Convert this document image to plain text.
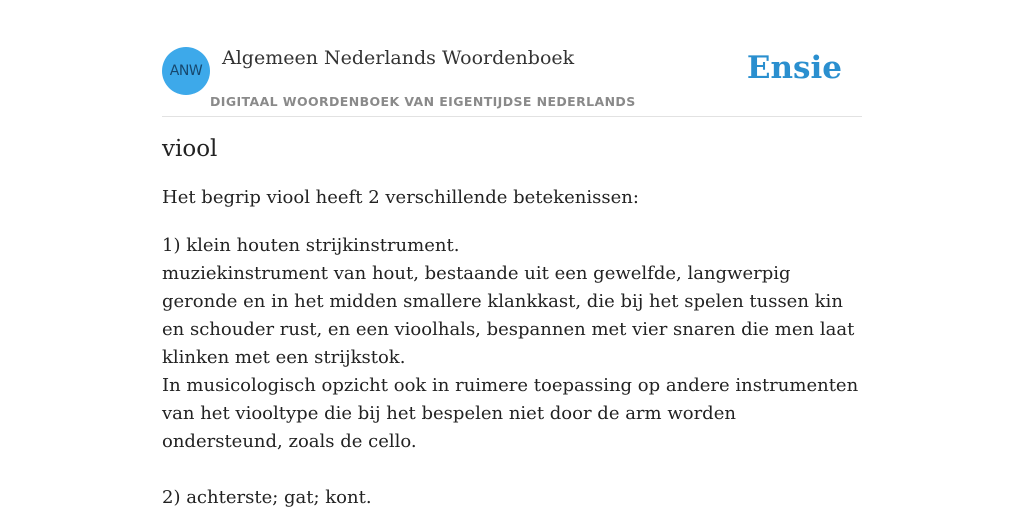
ANW
Algemeen Nederlands Woordenboek
DIGITAAL WOORDENBOEK VAN EIGENTIJDSE NEDERLANDS
Ensie
viool

Het begrip viool heeft 2 verschillende betekenissen:

1) klein houten strijkinstrument.

muziekinstrument van hout, bestaande uit een gewelfde, langwerpig geronde en in het midden smallere klankkast, die bij het spelen tussen kin en schouder rust, en een vioolhals, bespannen met vier snaren die men laat klinken met een strijkstok.

In musicologisch opzicht ook in ruimere toepassing op andere instrumenten van het viooltype die bij het bespelen niet door de arm worden ondersteund, zoals de cello.

2) achterste; gat; kont.
